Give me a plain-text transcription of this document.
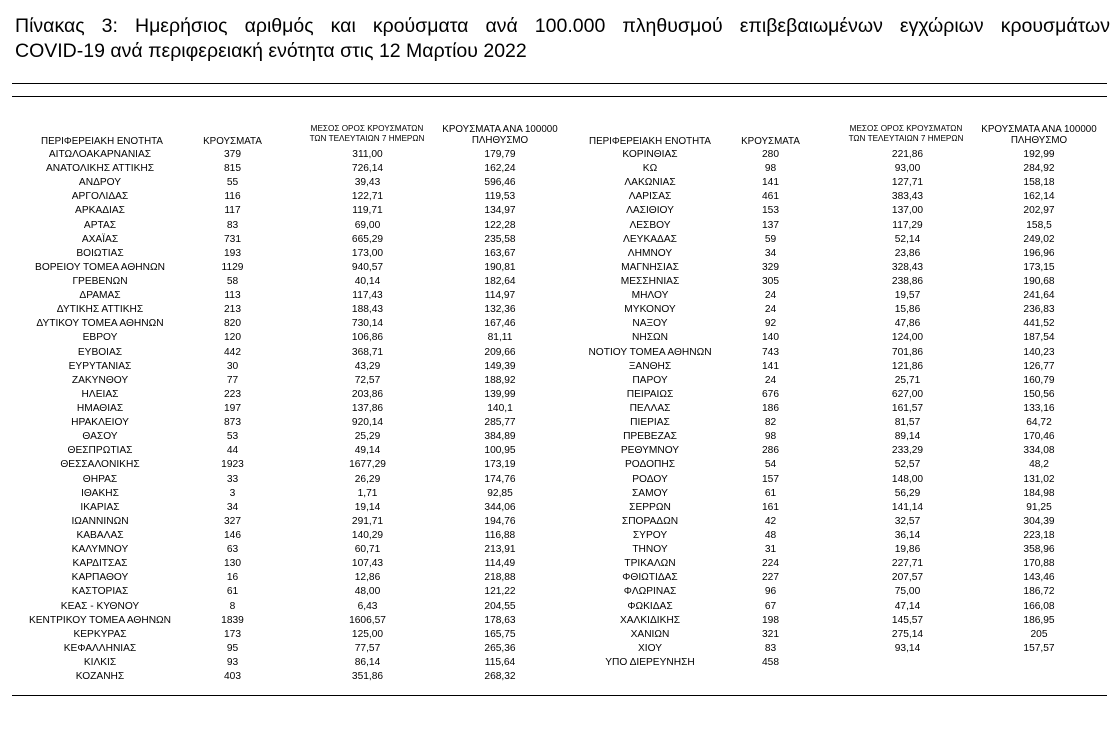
Πίνακας 3: Ημερήσιος αριθμός και κρούσματα ανά 100.000 πληθυσμού επιβεβαιωμένων εγχώριων κρουσμάτων
COVID-19 ανά περιφερειακή ενότητα στις 12 Μαρτίου 2022
ΠΕΡΙΦΕΡΕΙΑΚΗ ΕΝΟΤΗΤΑ	ΚΡΟΥΣΜΑΤΑ
ΜΕΣΟΣ ΟΡΟΣ ΚΡΟΥΣΜΑΤΩΝ
ΤΩΝ ΤΕΛΕΥΤΑΙΩΝ 7 ΗΜΕΡΩΝ
ΚΡΟΥΣΜΑΤΑ ΑΝΑ 100000
ΠΛΗΘΥΣΜΟ	ΠΕΡΙΦΕΡΕΙΑΚΗ ΕΝΟΤΗΤΑ	ΚΡΟΥΣΜΑΤΑ
ΜΕΣΟΣ ΟΡΟΣ ΚΡΟΥΣΜΑΤΩΝ
ΤΩΝ ΤΕΛΕΥΤΑΙΩΝ 7 ΗΜΕΡΩΝ
ΚΡΟΥΣΜΑΤΑ ΑΝΑ 100000
ΠΛΗΘΥΣΜΟ
ΑΙΤΩΛΟΑΚΑΡΝΑΝΙΑΣ	379	311,00	179,79
ΑΝΑΤΟΛΙΚΗΣ ΑΤΤΙΚΗΣ	815	726,14	162,24
ΑΝΔΡΟΥ	55	39,43	596,46
ΑΡΓΟΛΙΔΑΣ	116	122,71	119,53
ΑΡΚΑΔΙΑΣ	117	119,71	134,97
ΑΡΤΑΣ	83	69,00	122,28
ΑΧΑΪΑΣ	731	665,29	235,58
ΒΟΙΩΤΙΑΣ	193	173,00	163,67
ΒΟΡΕΙΟΥ ΤΟΜΕΑ ΑΘΗΝΩΝ	1129	940,57	190,81
ΓΡΕΒΕΝΩΝ	58	40,14	182,64
ΔΡΑΜΑΣ	113	117,43	114,97
ΔΥΤΙΚΗΣ ΑΤΤΙΚΗΣ	213	188,43	132,36
ΔΥΤΙΚΟΥ ΤΟΜΕΑ ΑΘΗΝΩΝ	820	730,14	167,46
ΕΒΡΟΥ	120	106,86	81,11
ΕΥΒΟΙΑΣ	442	368,71	209,66
ΕΥΡΥΤΑΝΙΑΣ	30	43,29	149,39
ΖΑΚΥΝΘΟΥ	77	72,57	188,92
ΗΛΕΙΑΣ	223	203,86	139,99
ΗΜΑΘΙΑΣ	197	137,86	140,1
ΗΡΑΚΛΕΙΟΥ	873	920,14	285,77
ΘΑΣΟΥ	53	25,29	384,89
ΘΕΣΠΡΩΤΙΑΣ	44	49,14	100,95
ΘΕΣΣΑΛΟΝΙΚΗΣ	1923	1677,29	173,19
ΘΗΡΑΣ	33	26,29	174,76
ΙΘΑΚΗΣ	3	1,71	92,85
ΙΚΑΡΙΑΣ	34	19,14	344,06
ΙΩΑΝΝΙΝΩΝ	327	291,71	194,76
ΚΑΒΑΛΑΣ	146	140,29	116,88
ΚΑΛΥΜΝΟΥ	63	60,71	213,91
ΚΑΡΔΙΤΣΑΣ	130	107,43	114,49
ΚΑΡΠΑΘΟΥ	16	12,86	218,88
ΚΑΣΤΟΡΙΑΣ	61	48,00	121,22
ΚΕΑΣ - ΚΥΘΝΟΥ	8	6,43	204,55
ΚΕΝΤΡΙΚΟΥ ΤΟΜΕΑ ΑΘΗΝΩΝ	1839	1606,57	178,63
ΚΕΡΚΥΡΑΣ	173	125,00	165,75
ΚΕΦΑΛΛΗΝΙΑΣ	95	77,57	265,36
ΚΙΛΚΙΣ	93	86,14	115,64
ΚΟΖΑΝΗΣ	403	351,86	268,32
ΚΟΡΙΝΘΙΑΣ	280	221,86	192,99
ΚΩ	98	93,00	284,92
ΛΑΚΩΝΙΑΣ	141	127,71	158,18
ΛΑΡΙΣΑΣ	461	383,43	162,14
ΛΑΣΙΘΙΟΥ	153	137,00	202,97
ΛΕΣΒΟΥ	137	117,29	158,5
ΛΕΥΚΑΔΑΣ	59	52,14	249,02
ΛΗΜΝΟΥ	34	23,86	196,96
ΜΑΓΝΗΣΙΑΣ	329	328,43	173,15
ΜΕΣΣΗΝΙΑΣ	305	238,86	190,68
ΜΗΛΟΥ	24	19,57	241,64
ΜΥΚΟΝΟΥ	24	15,86	236,83
ΝΑΞΟΥ	92	47,86	441,52
ΝΗΣΩΝ	140	124,00	187,54
ΝΟΤΙΟΥ ΤΟΜΕΑ ΑΘΗΝΩΝ	743	701,86	140,23
ΞΑΝΘΗΣ	141	121,86	126,77
ΠΑΡΟΥ	24	25,71	160,79
ΠΕΙΡΑΙΩΣ	676	627,00	150,56
ΠΕΛΛΑΣ	186	161,57	133,16
ΠΙΕΡΙΑΣ	82	81,57	64,72
ΠΡΕΒΕΖΑΣ	98	89,14	170,46
ΡΕΘΥΜΝΟΥ	286	233,29	334,08
ΡΟΔΟΠΗΣ	54	52,57	48,2
ΡΟΔΟΥ	157	148,00	131,02
ΣΑΜΟΥ	61	56,29	184,98
ΣΕΡΡΩΝ	161	141,14	91,25
ΣΠΟΡΑΔΩΝ	42	32,57	304,39
ΣΥΡΟΥ	48	36,14	223,18
ΤΗΝΟΥ	31	19,86	358,96
ΤΡΙΚΑΛΩΝ	224	227,71	170,88
ΦΘΙΩΤΙΔΑΣ	227	207,57	143,46
ΦΛΩΡΙΝΑΣ	96	75,00	186,72
ΦΩΚΙΔΑΣ	67	47,14	166,08
ΧΑΛΚΙΔΙΚΗΣ	198	145,57	186,95
ΧΑΝΙΩΝ	321	275,14	205
ΧΙΟΥ	83	93,14	157,57
ΥΠΟ ΔΙΕΡΕΥΝΗΣΗ	458
